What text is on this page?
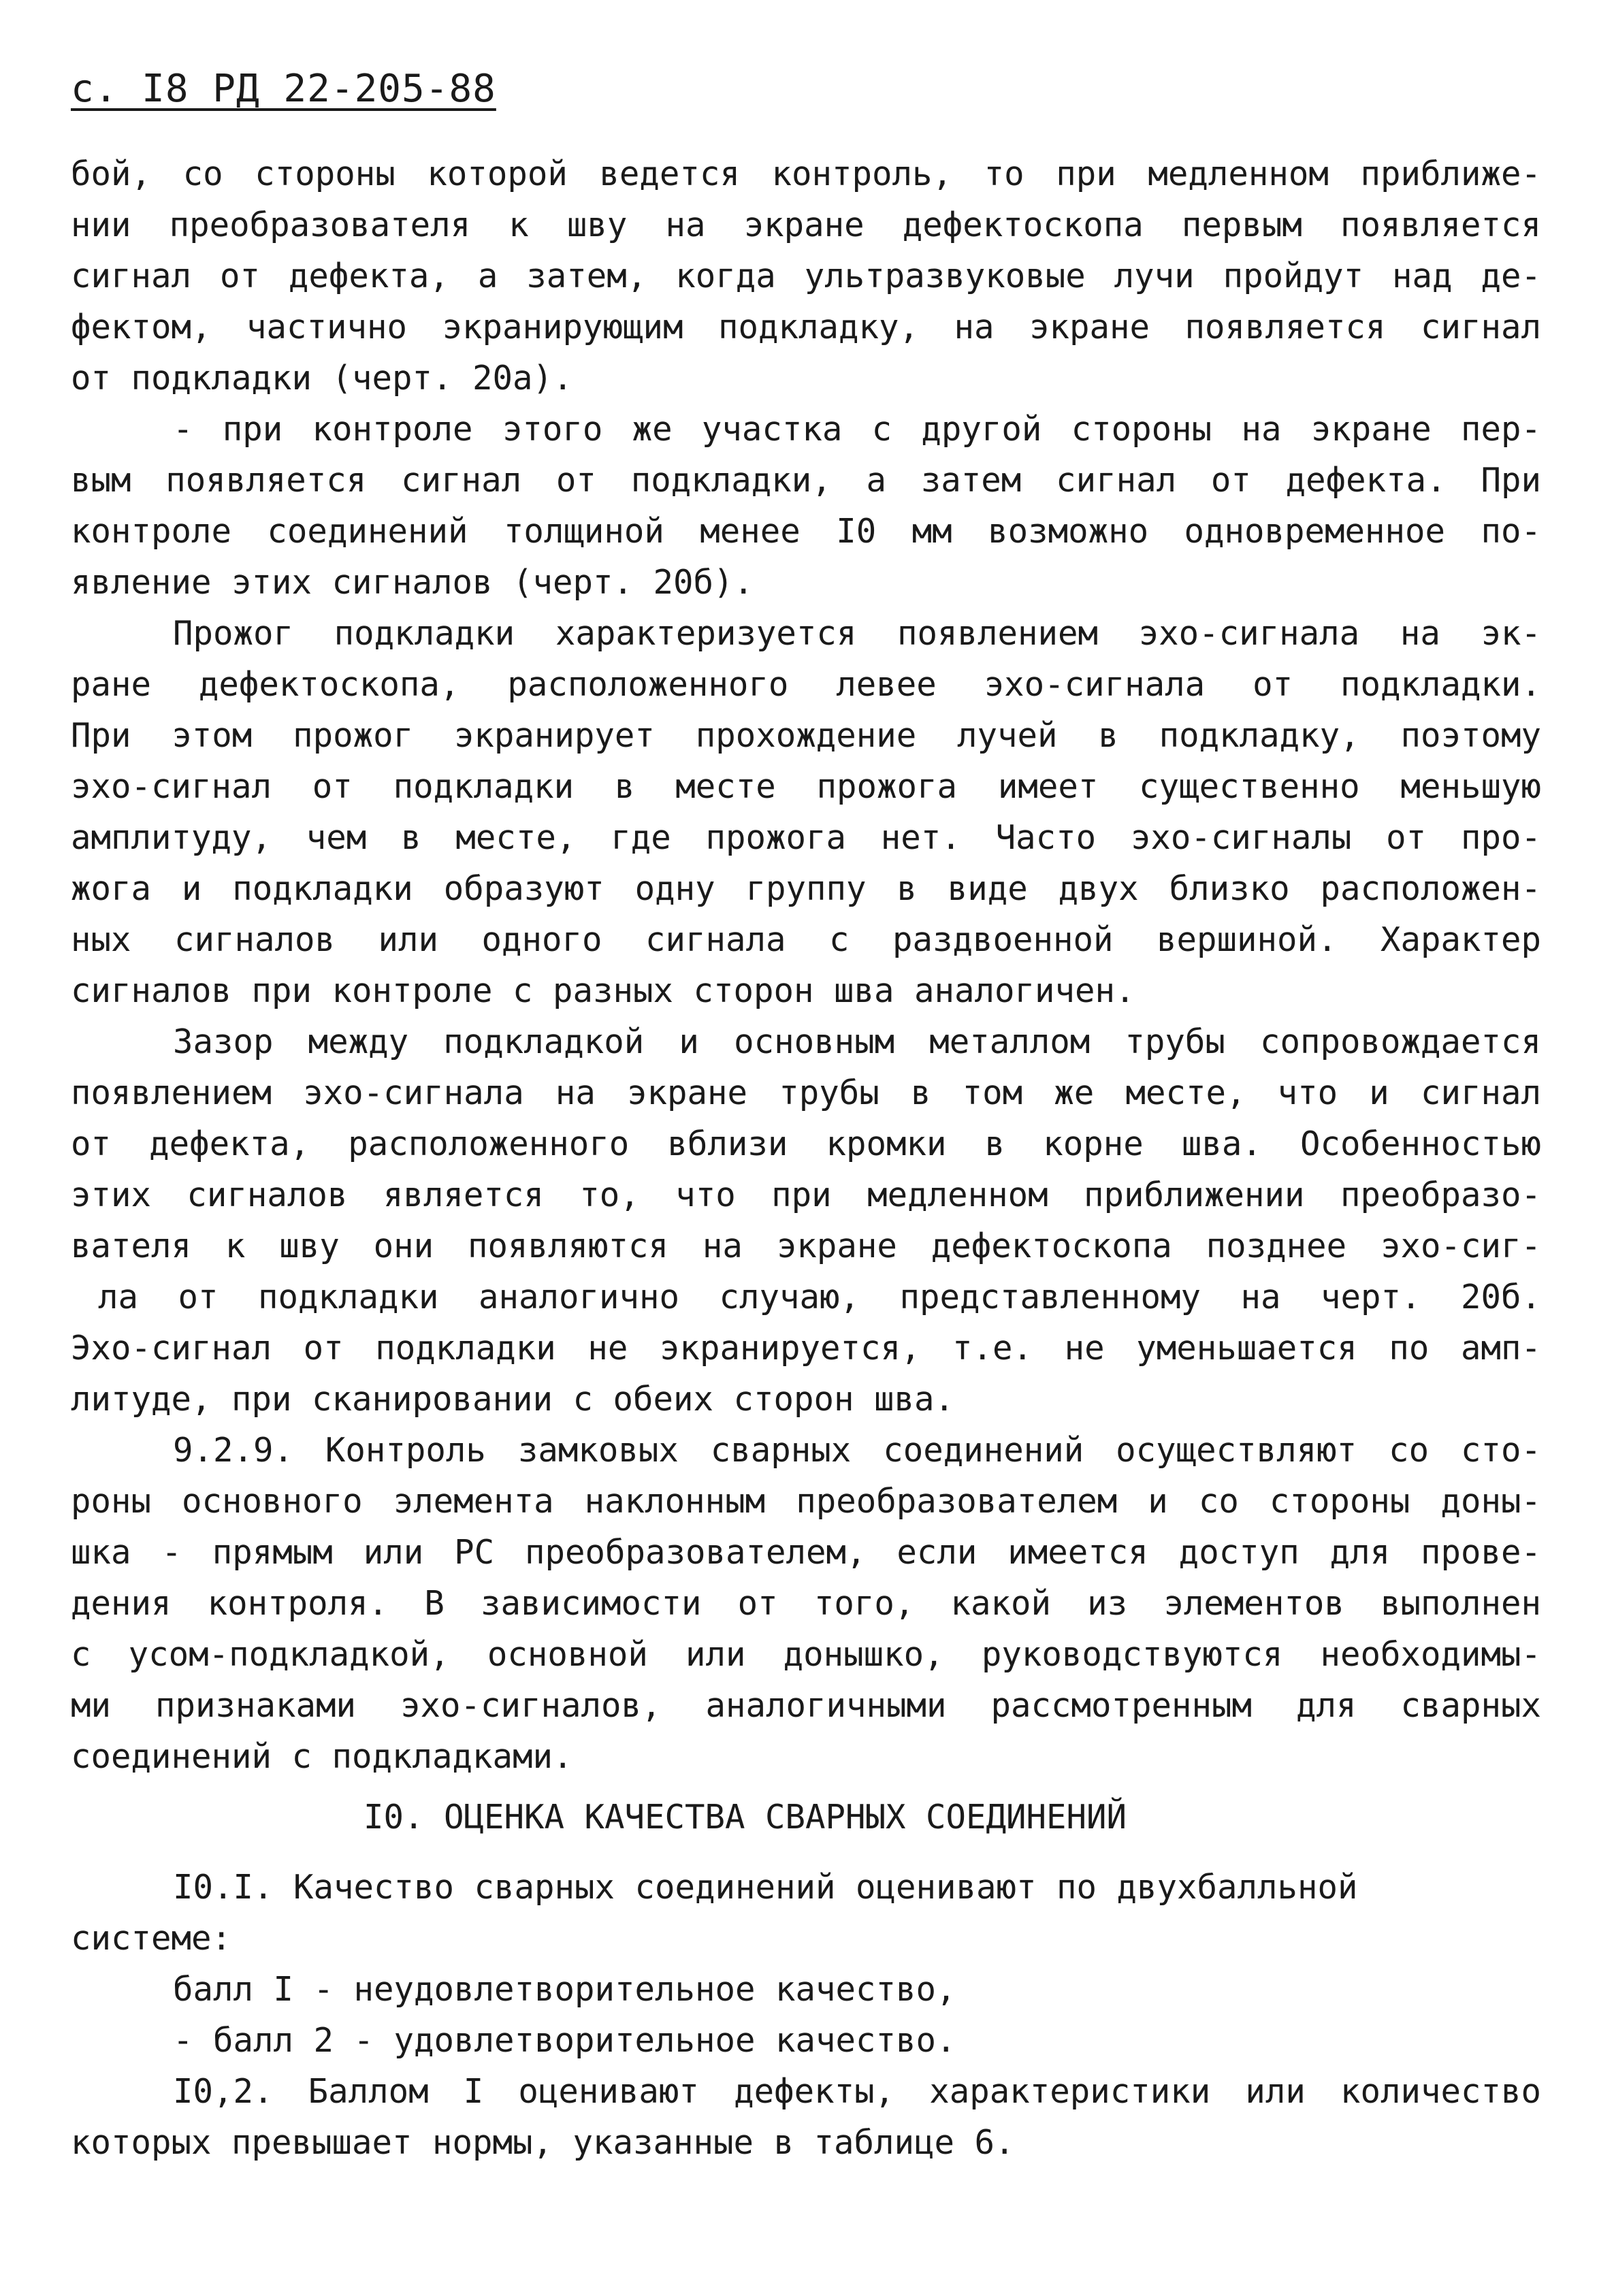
с. I8 РД 22-205-88
бой, со стороны которой ведется контроль, то при медленном приближе-
нии преобразователя к шву на экране дефектоскопа первым появляется
сигнал от дефекта, а затем, когда ультразвуковые лучи пройдут над де-
фектом, частично экранирующим подкладку, на экране появляется сигнал
от подкладки (черт. 20а).
- при контроле этого же участка с другой стороны на экране пер-
вым появляется сигнал от подкладки, а затем сигнал от дефекта. При
контроле соединений толщиной менее I0 мм возможно одновременное по-
явление этих сигналов (черт. 20б).
Прожог подкладки характеризуется появлением эхо-сигнала на эк-
ране дефектоскопа, расположенного левее эхо-сигнала от подкладки.
При этом прожог экранирует прохождение лучей в подкладку, поэтому
эхо-сигнал от подкладки в месте прожога имеет существенно меньшую
амплитуду, чем в месте, где прожога нет. Часто эхо-сигналы от про-
жога и подкладки образуют одну группу в виде двух близко расположен-
ных сигналов или одного сигнала с раздвоенной вершиной. Характер
сигналов при контроле с разных сторон шва аналогичен.
Зазор между подкладкой и основным металлом трубы сопровождается
появлением эхо-сигнала на экране трубы в том же месте, что и сигнал
от дефекта, расположенного вблизи кромки в корне шва. Особенностью
этих сигналов является то, что при медленном приближении преобразо-
вателя к шву они появляются на экране дефектоскопа позднее эхо-сиг-
ла от подкладки аналогично случаю, представленному на черт. 20б.
Эхо-сигнал от подкладки не экранируется, т.е. не уменьшается по амп-
литуде, при сканировании с обеих сторон шва.
9.2.9. Контроль замковых сварных соединений осуществляют со сто-
роны основного элемента наклонным преобразователем и со стороны доны-
шка - прямым или РС преобразователем, если имеется доступ для прове-
дения контроля. В зависимости от того, какой из элементов выполнен
с усом-подкладкой, основной или донышко, руководствуются необходимы-
ми признаками эхо-сигналов, аналогичными рассмотренным для сварных
соединений с подкладками.
I0. ОЦЕНКА КАЧЕСТВА СВАРНЫХ СОЕДИНЕНИЙ
I0.I. Качество сварных соединений оценивают по двухбалльной
системе:
балл I - неудовлетворительное качество,
- балл 2 - удовлетворительное качество.
I0,2. Баллом I оценивают дефекты, характеристики или количество
которых превышает нормы, указанные в таблице 6.
